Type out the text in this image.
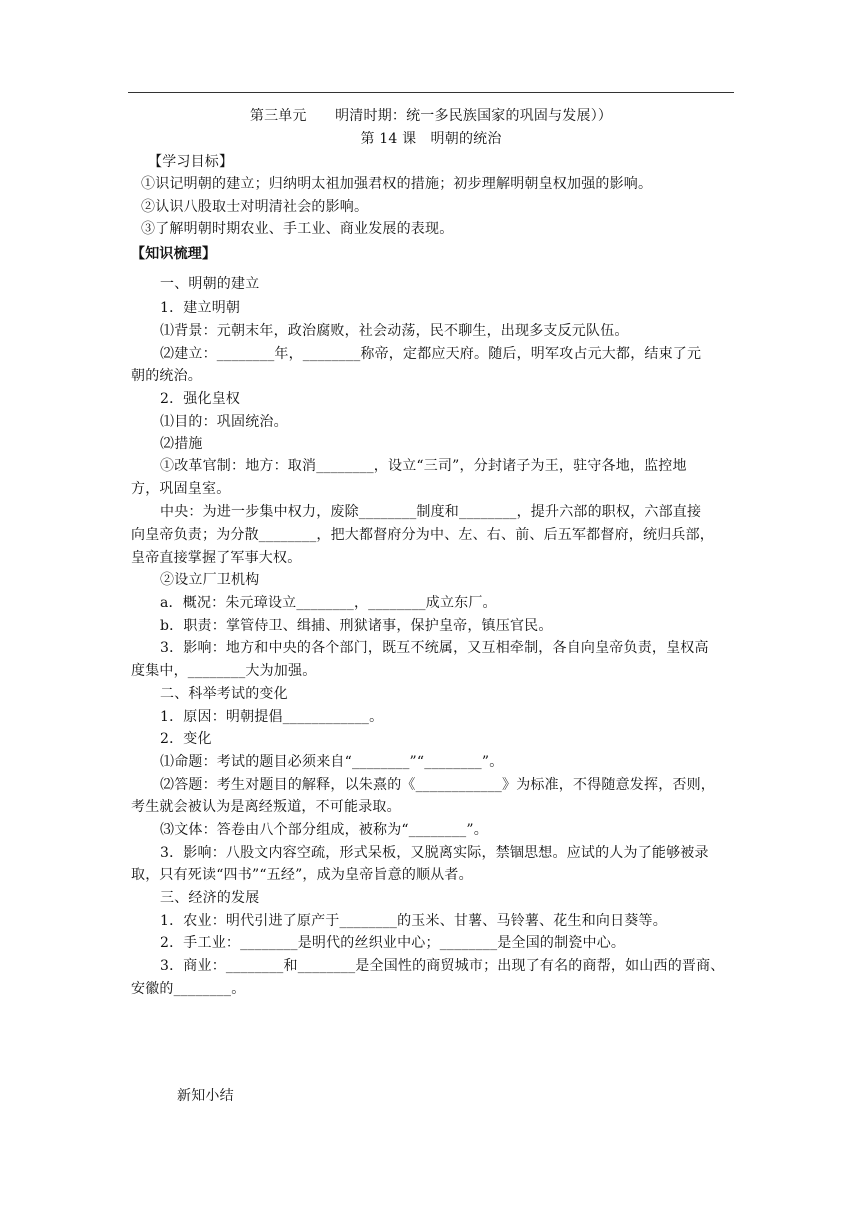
第三单元　　明清时期：统一多民族国家的巩固与发展））
第 14 课　明朝的统治
【学习目标】
①识记明朝的建立；归纳明太祖加强君权的措施；初步理解明朝皇权加强的影响。
②认识八股取士对明清社会的影响。
③了解明朝时期农业、手工业、商业发展的表现。
【知识梳理】
一、明朝的建立
1．建立明朝
⑴背景：元朝末年，政治腐败，社会动荡，民不聊生，出现多支反元队伍。
⑵建立：________年，________称帝，定都应天府。随后，明军攻占元大都，结束了元
朝的统治。
2．强化皇权
⑴目的：巩固统治。
⑵措施
①改革官制：地方：取消________，设立“三司”，分封诸子为王，驻守各地，监控地
方，巩固皇室。
中央：为进一步集中权力，废除________制度和________，提升六部的职权，六部直接
向皇帝负责；为分散________，把大都督府分为中、左、右、前、后五军都督府，统归兵部，
皇帝直接掌握了军事大权。
②设立厂卫机构
a．概况：朱元璋设立________，________成立东厂。
b．职责：掌管侍卫、缉捕、刑狱诸事，保护皇帝，镇压官民。
3．影响：地方和中央的各个部门，既互不统属，又互相牵制，各自向皇帝负责，皇权高
度集中，________大为加强。
二、科举考试的变化
1．原因：明朝提倡____________。
2．变化
⑴命题：考试的题目必须来自“________”“________”。
⑵答题：考生对题目的解释，以朱熹的《____________》为标准，不得随意发挥，否则，
考生就会被认为是离经叛道，不可能录取。
⑶文体：答卷由八个部分组成，被称为“________”。
3．影响：八股文内容空疏，形式呆板，又脱离实际，禁锢思想。应试的人为了能够被录
取，只有死读“四书”“五经”，成为皇帝旨意的顺从者。
三、经济的发展
1．农业：明代引进了原产于________的玉米、甘薯、马铃薯、花生和向日葵等。
2．手工业：________是明代的丝织业中心；________是全国的制瓷中心。
3．商业：________和________是全国性的商贸城市；出现了有名的商帮，如山西的晋商、
安徽的________。
新知小结
